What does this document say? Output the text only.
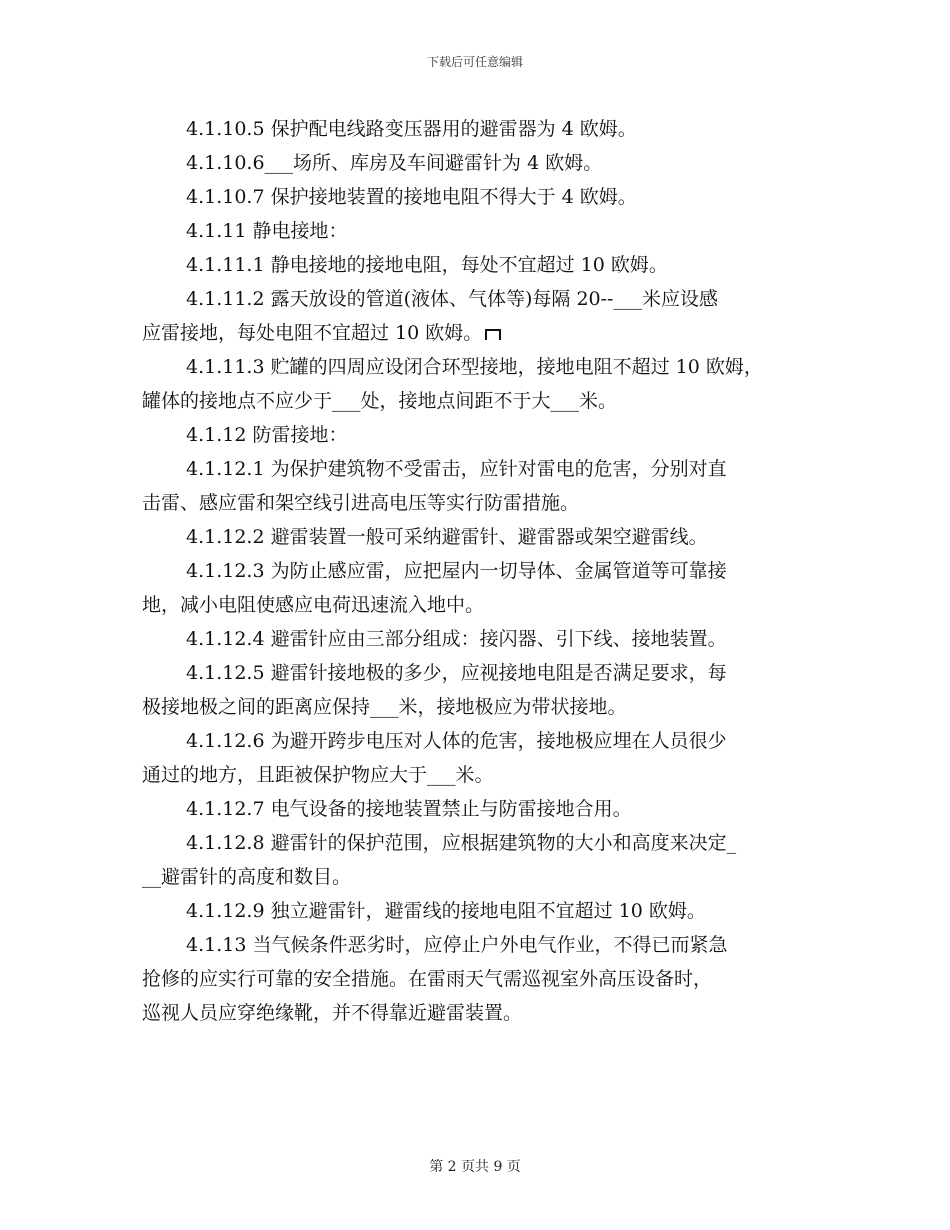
下载后可任意编辑

4.1.10.5 保护配电线路变压器用的避雷器为 4 欧姆。

4.1.10.6___场所、库房及车间避雷针为 4 欧姆。

4.1.10.7 保护接地装置的接地电阻不得大于 4 欧姆。

4.1.11 静电接地：

4.1.11.1 静电接地的接地电阻，每处不宜超过 10 欧姆。

4.1.11.2 露天放设的管道(液体、气体等)每隔 20--___米应设感
应雷接地，每处电阻不宜超过 10 欧姆。

4.1.11.3 贮罐的四周应设闭合环型接地，接地电阻不超过 10 欧姆，
罐体的接地点不应少于___处，接地点间距不于大___米。

4.1.12 防雷接地：

4.1.12.1 为保护建筑物不受雷击，应针对雷电的危害，分别对直
击雷、感应雷和架空线引进高电压等实行防雷措施。

4.1.12.2 避雷装置一般可采纳避雷针、避雷器或架空避雷线。

4.1.12.3 为防止感应雷，应把屋内一切导体、金属管道等可靠接
地，减小电阻使感应电荷迅速流入地中。

4.1.12.4 避雷针应由三部分组成：接闪器、引下线、接地装置。

4.1.12.5 避雷针接地极的多少，应视接地电阻是否满足要求，每
极接地极之间的距离应保持___米，接地极应为带状接地。

4.1.12.6 为避开跨步电压对人体的危害，接地极应埋在人员很少
通过的地方，且距被保护物应大于___米。

4.1.12.7 电气设备的接地装置禁止与防雷接地合用。

4.1.12.8 避雷针的保护范围，应根据建筑物的大小和高度来决定_
__避雷针的高度和数目。

4.1.12.9 独立避雷针，避雷线的接地电阻不宜超过 10 欧姆。

4.1.13 当气候条件恶劣时，应停止户外电气作业，不得已而紧急
抢修的应实行可靠的安全措施。在雷雨天气需巡视室外高压设备时，
巡视人员应穿绝缘靴，并不得靠近避雷装置。

第 2 页共 9 页
